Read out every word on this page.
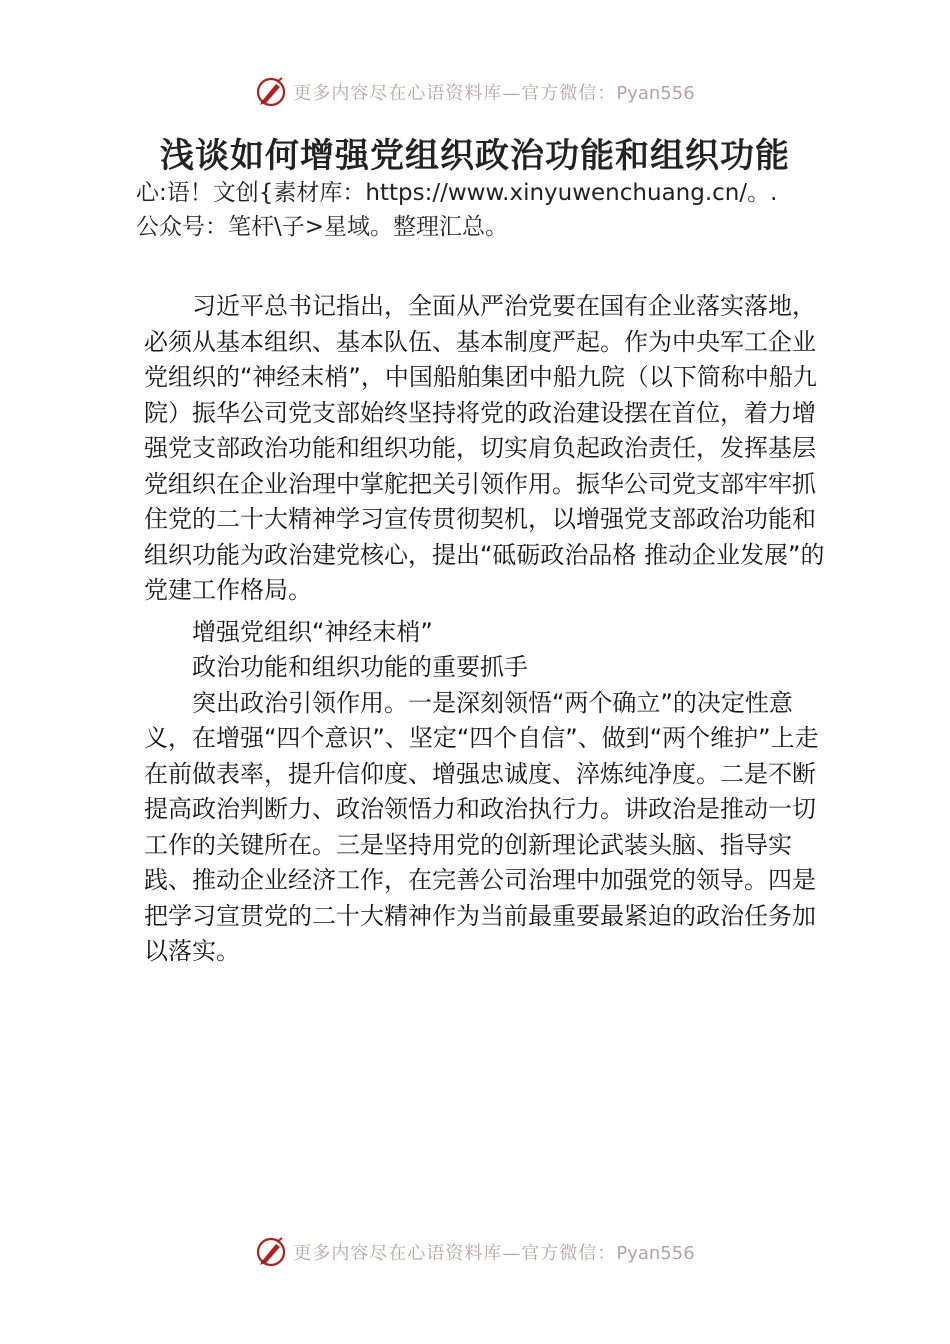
更多内容尽在心语资料库—官方微信：Pyan556
浅谈如何增强党组织政治功能和组织功能
心:语！文创{素材库：https://www.xinyuwenchuang.cn/。.
公众号：笔杆\子>星域。整理汇总。

习近平总书记指出，全面从严治党要在国有企业落实落地，必须从基本组织、基本队伍、基本制度严起。作为中央军工企业党组织的“神经末梢”，中国船舶集团中船九院（以下简称中船九院）振华公司党支部始终坚持将党的政治建设摆在首位，着力增强党支部政治功能和组织功能，切实肩负起政治责任，发挥基层党组织在企业治理中掌舵把关引领作用。振华公司党支部牢牢抓住党的二十大精神学习宣传贯彻契机，以增强党支部政治功能和组织功能为政治建党核心，提出“砥砺政治品格 推动企业发展”的党建工作格局。

增强党组织“神经末梢”

政治功能和组织功能的重要抓手

突出政治引领作用。一是深刻领悟“两个确立”的决定性意义，在增强“四个意识”、坚定“四个自信”、做到“两个维护”上走在前做表率，提升信仰度、增强忠诚度、淬炼纯净度。二是不断提高政治判断力、政治领悟力和政治执行力。讲政治是推动一切工作的关键所在。三是坚持用党的创新理论武装头脑、指导实践、推动企业经济工作，在完善公司治理中加强党的领导。四是把学习宣贯党的二十大精神作为当前最重要最紧迫的政治任务加以落实。

更多内容尽在心语资料库—官方微信：Pyan556
